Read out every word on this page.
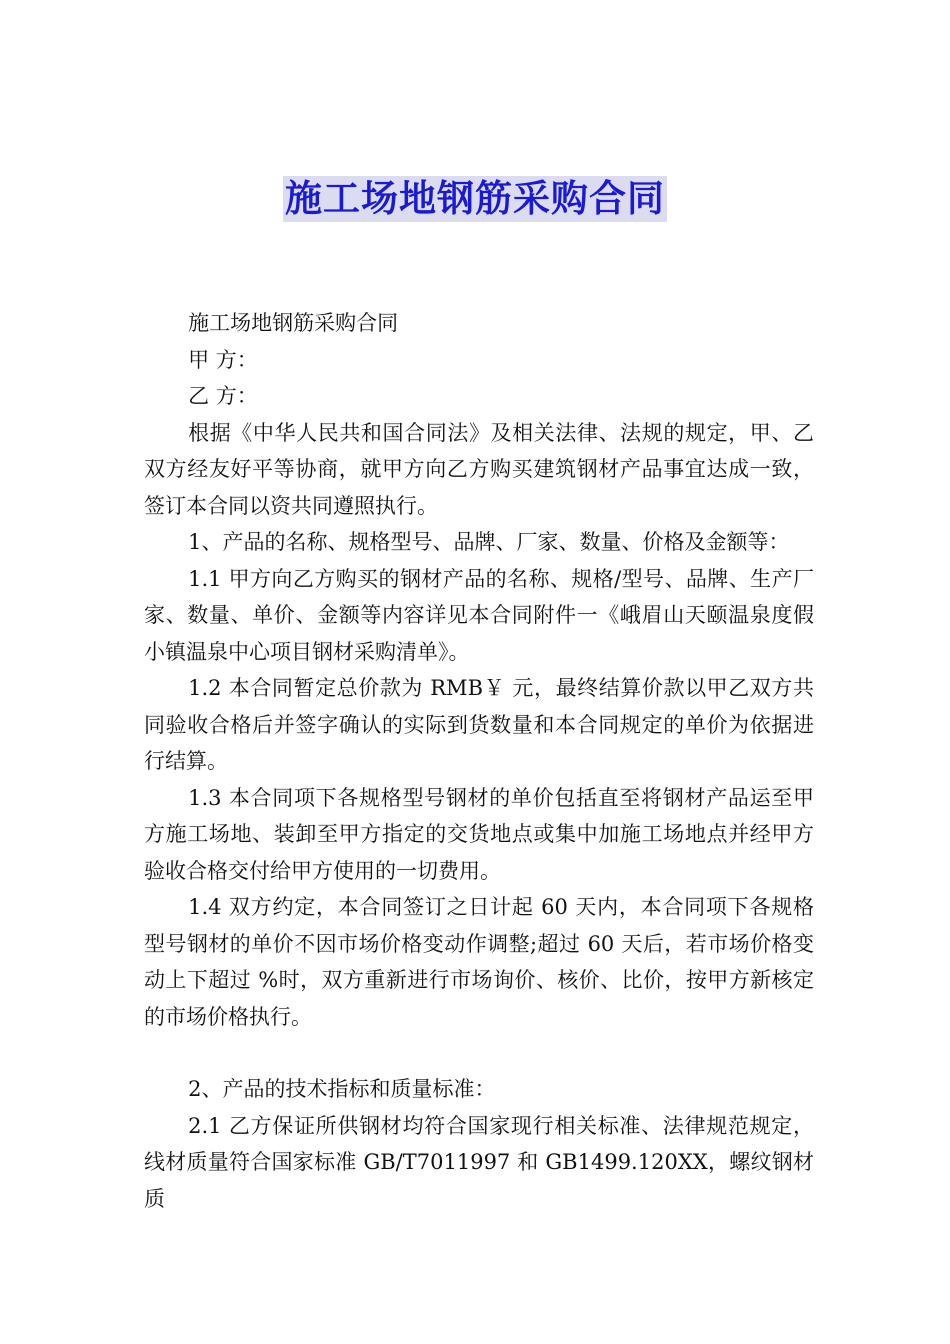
施工场地钢筋采购合同

施工场地钢筋采购合同

甲 方：

乙 方：

根据《中华人民共和国合同法》及相关法律、法规的规定，甲、乙双方经友好平等协商，就甲方向乙方购买建筑钢材产品事宜达成一致，签订本合同以资共同遵照执行。

1、产品的名称、规格型号、品牌、厂家、数量、价格及金额等：

1.1 甲方向乙方购买的钢材产品的名称、规格/型号、品牌、生产厂家、数量、单价、金额等内容详见本合同附件一《峨眉山天颐温泉度假小镇温泉中心项目钢材采购清单》。

1.2 本合同暂定总价款为 RMB￥ 元，最终结算价款以甲乙双方共同验收合格后并签字确认的实际到货数量和本合同规定的单价为依据进行结算。

1.3 本合同项下各规格型号钢材的单价包括直至将钢材产品运至甲方施工场地、装卸至甲方指定的交货地点或集中加施工场地点并经甲方验收合格交付给甲方使用的一切费用。

1.4 双方约定，本合同签订之日计起 60 天内，本合同项下各规格型号钢材的单价不因市场价格变动作调整;超过 60 天后，若市场价格变动上下超过 %时，双方重新进行市场询价、核价、比价，按甲方新核定的市场价格执行。

2、产品的技术指标和质量标准：

2.1 乙方保证所供钢材均符合国家现行相关标准、法律规范规定，线材质量符合国家标准 GB/T7011997 和 GB1499.120XX，螺纹钢材质
